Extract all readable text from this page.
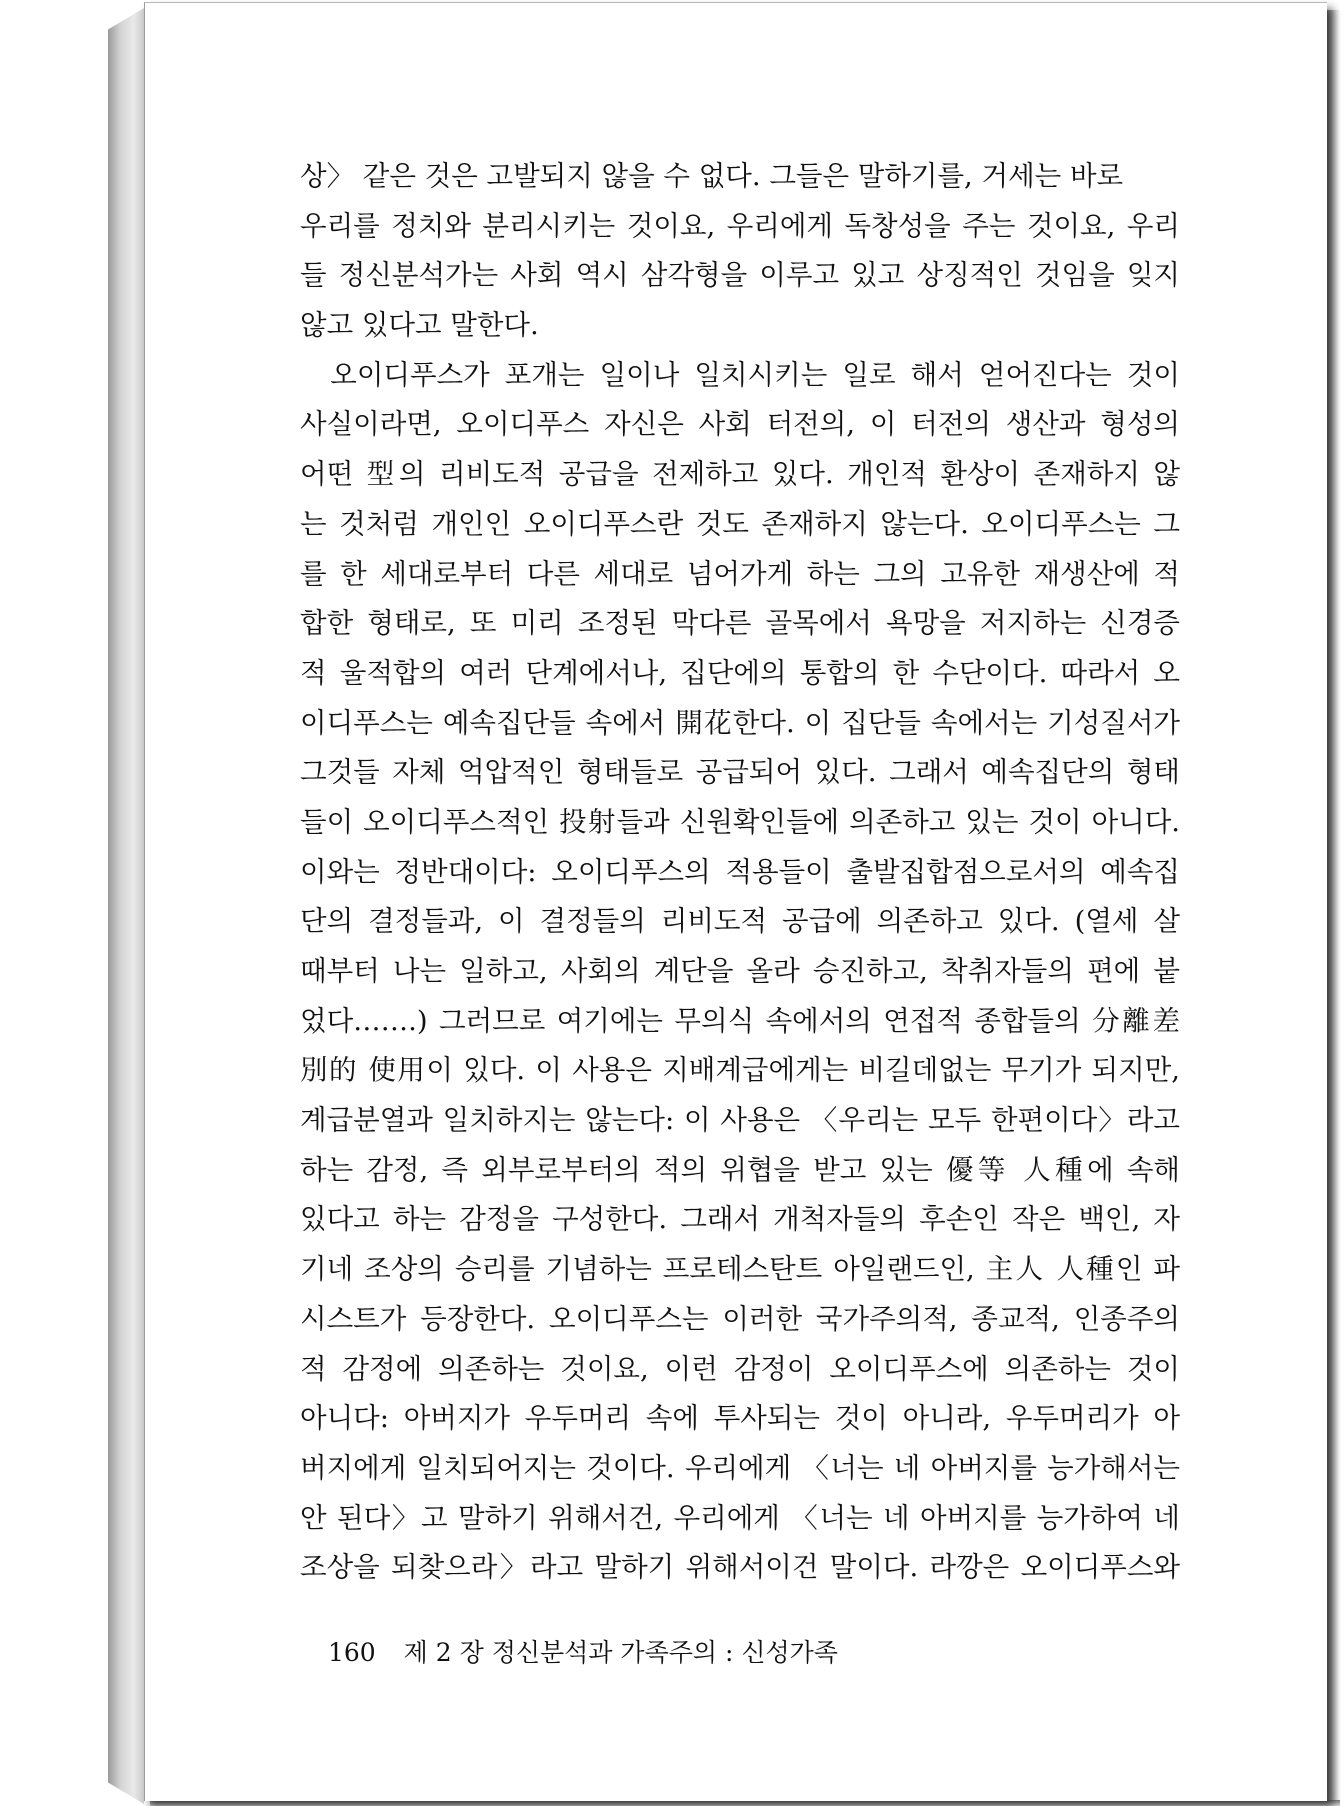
상〉 같은 것은 고발되지 않을 수 없다. 그들은 말하기를, 거세는 바로
우리를 정치와 분리시키는 것이요, 우리에게 독창성을 주는 것이요, 우리
들 정신분석가는 사회 역시 삼각형을 이루고 있고 상징적인 것임을 잊지
않고 있다고 말한다.
오이디푸스가 포개는 일이나 일치시키는 일로 해서 얻어진다는 것이
사실이라면, 오이디푸스 자신은 사회 터전의, 이 터전의 생산과 형성의
어떤 型의 리비도적 공급을 전제하고 있다. 개인적 환상이 존재하지 않
는 것처럼 개인인 오이디푸스란 것도 존재하지 않는다. 오이디푸스는 그
를 한 세대로부터 다른 세대로 넘어가게 하는 그의 고유한 재생산에 적
합한 형태로, 또 미리 조정된 막다른 골목에서 욕망을 저지하는 신경증
적 울적합의 여러 단계에서나, 집단에의 통합의 한 수단이다. 따라서 오
이디푸스는 예속집단들 속에서 開花한다. 이 집단들 속에서는 기성질서가
그것들 자체 억압적인 형태들로 공급되어 있다. 그래서 예속집단의 형태
들이 오이디푸스적인 投射들과 신원확인들에 의존하고 있는 것이 아니다.
이와는 정반대이다: 오이디푸스의 적용들이 출발집합점으로서의 예속집
단의 결정들과, 이 결정들의 리비도적 공급에 의존하고 있다. (열세 살
때부터 나는 일하고, 사회의 계단을 올라 승진하고, 착취자들의 편에 붙
었다…….) 그러므로 여기에는 무의식 속에서의 연접적 종합들의 分離差
別的 使用이 있다. 이 사용은 지배계급에게는 비길데없는 무기가 되지만,
계급분열과 일치하지는 않는다: 이 사용은 〈우리는 모두 한편이다〉라고
하는 감정, 즉 외부로부터의 적의 위협을 받고 있는 優等 人種에 속해
있다고 하는 감정을 구성한다. 그래서 개척자들의 후손인 작은 백인, 자
기네 조상의 승리를 기념하는 프로테스탄트 아일랜드인, 主人 人種인 파
시스트가 등장한다. 오이디푸스는 이러한 국가주의적, 종교적, 인종주의
적 감정에 의존하는 것이요, 이런 감정이 오이디푸스에 의존하는 것이
아니다: 아버지가 우두머리 속에 투사되는 것이 아니라, 우두머리가 아
버지에게 일치되어지는 것이다. 우리에게 〈너는 네 아버지를 능가해서는
안 된다〉고 말하기 위해서건, 우리에게 〈너는 네 아버지를 능가하여 네
조상을 되찾으라〉라고 말하기 위해서이건 말이다. 라깡은 오이디푸스와
160 제 2 장 정신분석과 가족주의 : 신성가족
